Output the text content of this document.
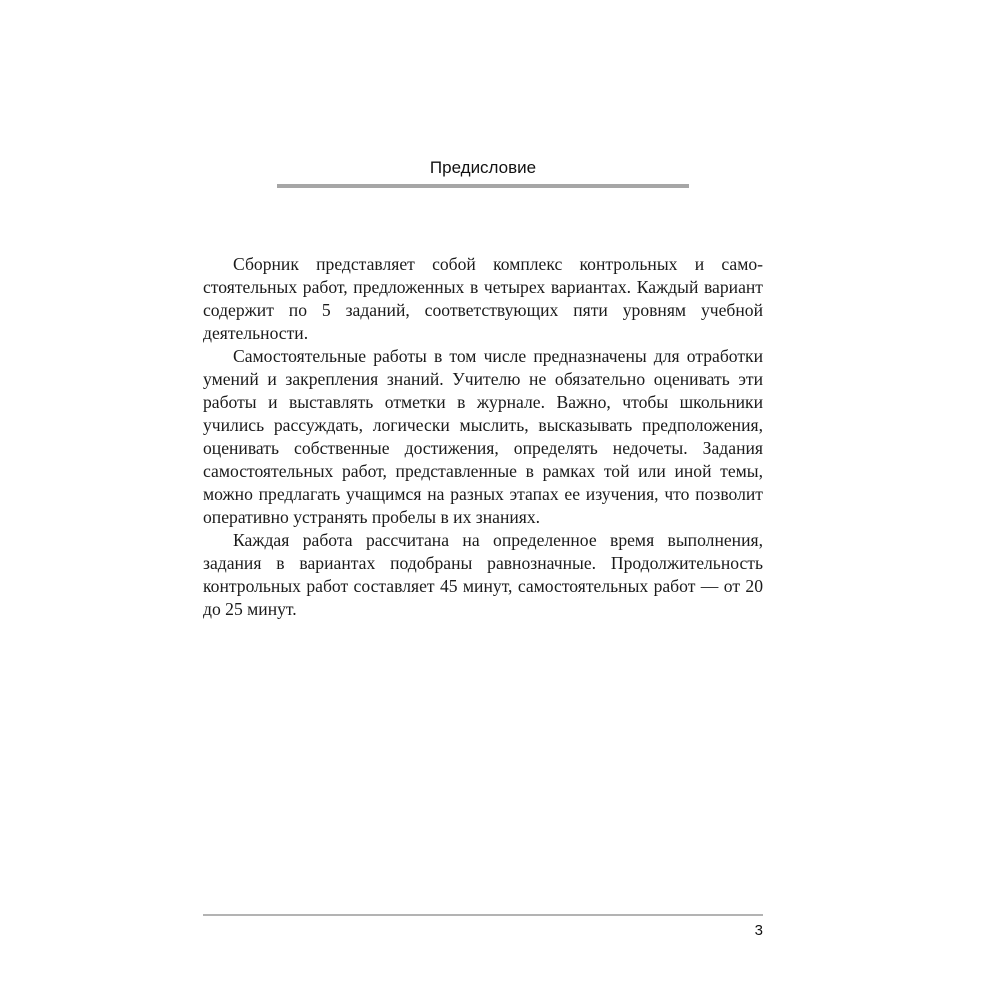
Предисловие

Сборник представляет собой комплекс контрольных и самостоятельных работ, предложенных в четырех вариантах. Каждый вариант содержит по 5 заданий, соответствующих пяти уровням учебной деятельности.

Самостоятельные работы в том числе предназначены для отработки умений и закрепления знаний. Учителю не обязательно оценивать эти работы и выставлять отметки в журнале. Важно, чтобы школьники учились рассуждать, логически мыслить, высказывать предположения, оценивать собственные достижения, определять недочеты. Задания самостоятельных работ, представленные в рамках той или иной темы, можно предлагать учащимся на разных этапах ее изучения, что позволит оперативно устранять пробелы в их знаниях.

Каждая работа рассчитана на определенное время выполнения, задания в вариантах подобраны равнозначные. Продолжительность контрольных работ составляет 45 минут, самостоятельных работ — от 20 до 25 минут.

3
